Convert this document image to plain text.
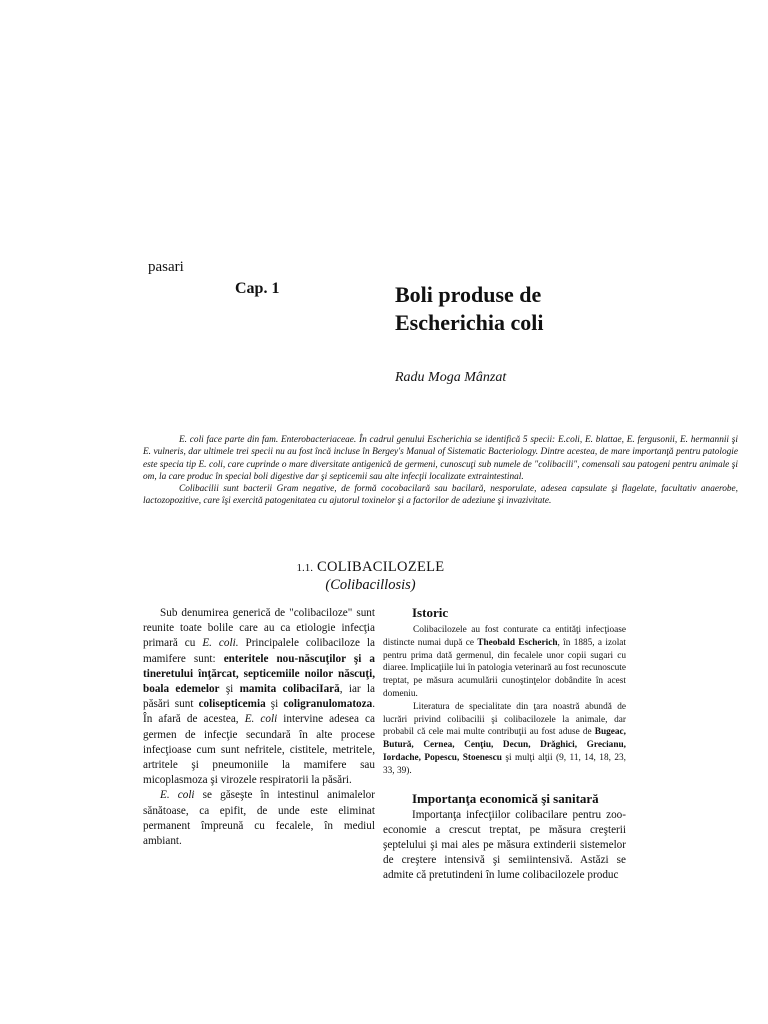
pasari
Cap. 1	Boli produse de
Escherichia coli
Radu Moga Mânzat

E. coli face parte din fam. Enterobacteriaceae. În cadrul genului Escherichia se identifică 5 specii: E.coli, E. blattae, E. fergusonii, E. hermannii şi E. vulneris, dar ultimele trei specii nu au fost încă incluse în Bergey's Manual of Sistematic Bacteriology. Dintre acestea, de mare importanţă pentru patologie este specia tip E. coli, care cuprinde o mare diversitate antigenică de germeni, cunoscuţi sub numele de "colibacili", comensali sau patogeni pentru animale şi om, la care produc în special boli digestive dar şi septicemii sau alte infecţii localizate extraintestinal.

Colibacilii sunt bacterii Gram negative, de formă cocobacilară sau bacilară, nesporulate, adesea capsulate şi flagelate, facultativ anaerobe, lactozopozitive, care îşi exercită patogenitatea cu ajutorul toxinelor şi a factorilor de adeziune şi invazivitate.

1.1. COLIBACILOZELE
(Colibacillosis)

Sub denumirea generică de "colibaciloze" sunt reunite toate bolile care au ca etiologie infecţia primară cu E. coli. Principalele colibaciloze la mamifere sunt: enteritele nou-născuţilor şi a tineretului înţărcat, septicemiile noilor născuţi, boala edemelor şi mamita colibaciIară, iar la păsări sunt colisepticemia şi coligranulomatoza. În afară de acestea, E. coli intervine adesea ca germen de infecţie secundară în alte procese infecţioase cum sunt nefritele, cistitele, metritele, artritele şi pneumoniile la mamifere sau micoplasmoza şi virozele respiratorii la păsări.

E. coli se găseşte în intestinul animalelor sănătoase, ca epifit, de unde este eliminat permanent împreună cu fecalele, în mediul ambiant.

Istoric

Colibacilozele au fost conturate ca entităţi infecţioase distincte numai după ce Theobald Escherich, în 1885, a izolat pentru prima dată germenul, din fecalele unor copii sugari cu diaree. Implicaţiile lui în patologia veterinară au fost recunoscute treptat, pe măsura acumulării cunoştinţelor dobândite în acest domeniu.

Literatura de specialitate din ţara noastră abundă de lucrări privind colibacilii şi colibacilozele la animale, dar probabil că cele mai multe contribuţii au fost aduse de Bugeac, Buturǎ, Cernea, Cenţiu, Decun, Drǎghici, Grecianu, Iordache, Popescu, Stoenescu şi mulţi alţii (9, 11, 14, 18, 23, 33, 39).

Importanţa economică şi sanitară

Importanţa infecţiilor colibacilare pentru zoo-economie a crescut treptat, pe măsura creşterii şeptelului şi mai ales pe măsura extinderii sistemelor de creştere intensivă şi semiintensivă. Astăzi se admite că pretutindeni în lume colibacilozele produc
